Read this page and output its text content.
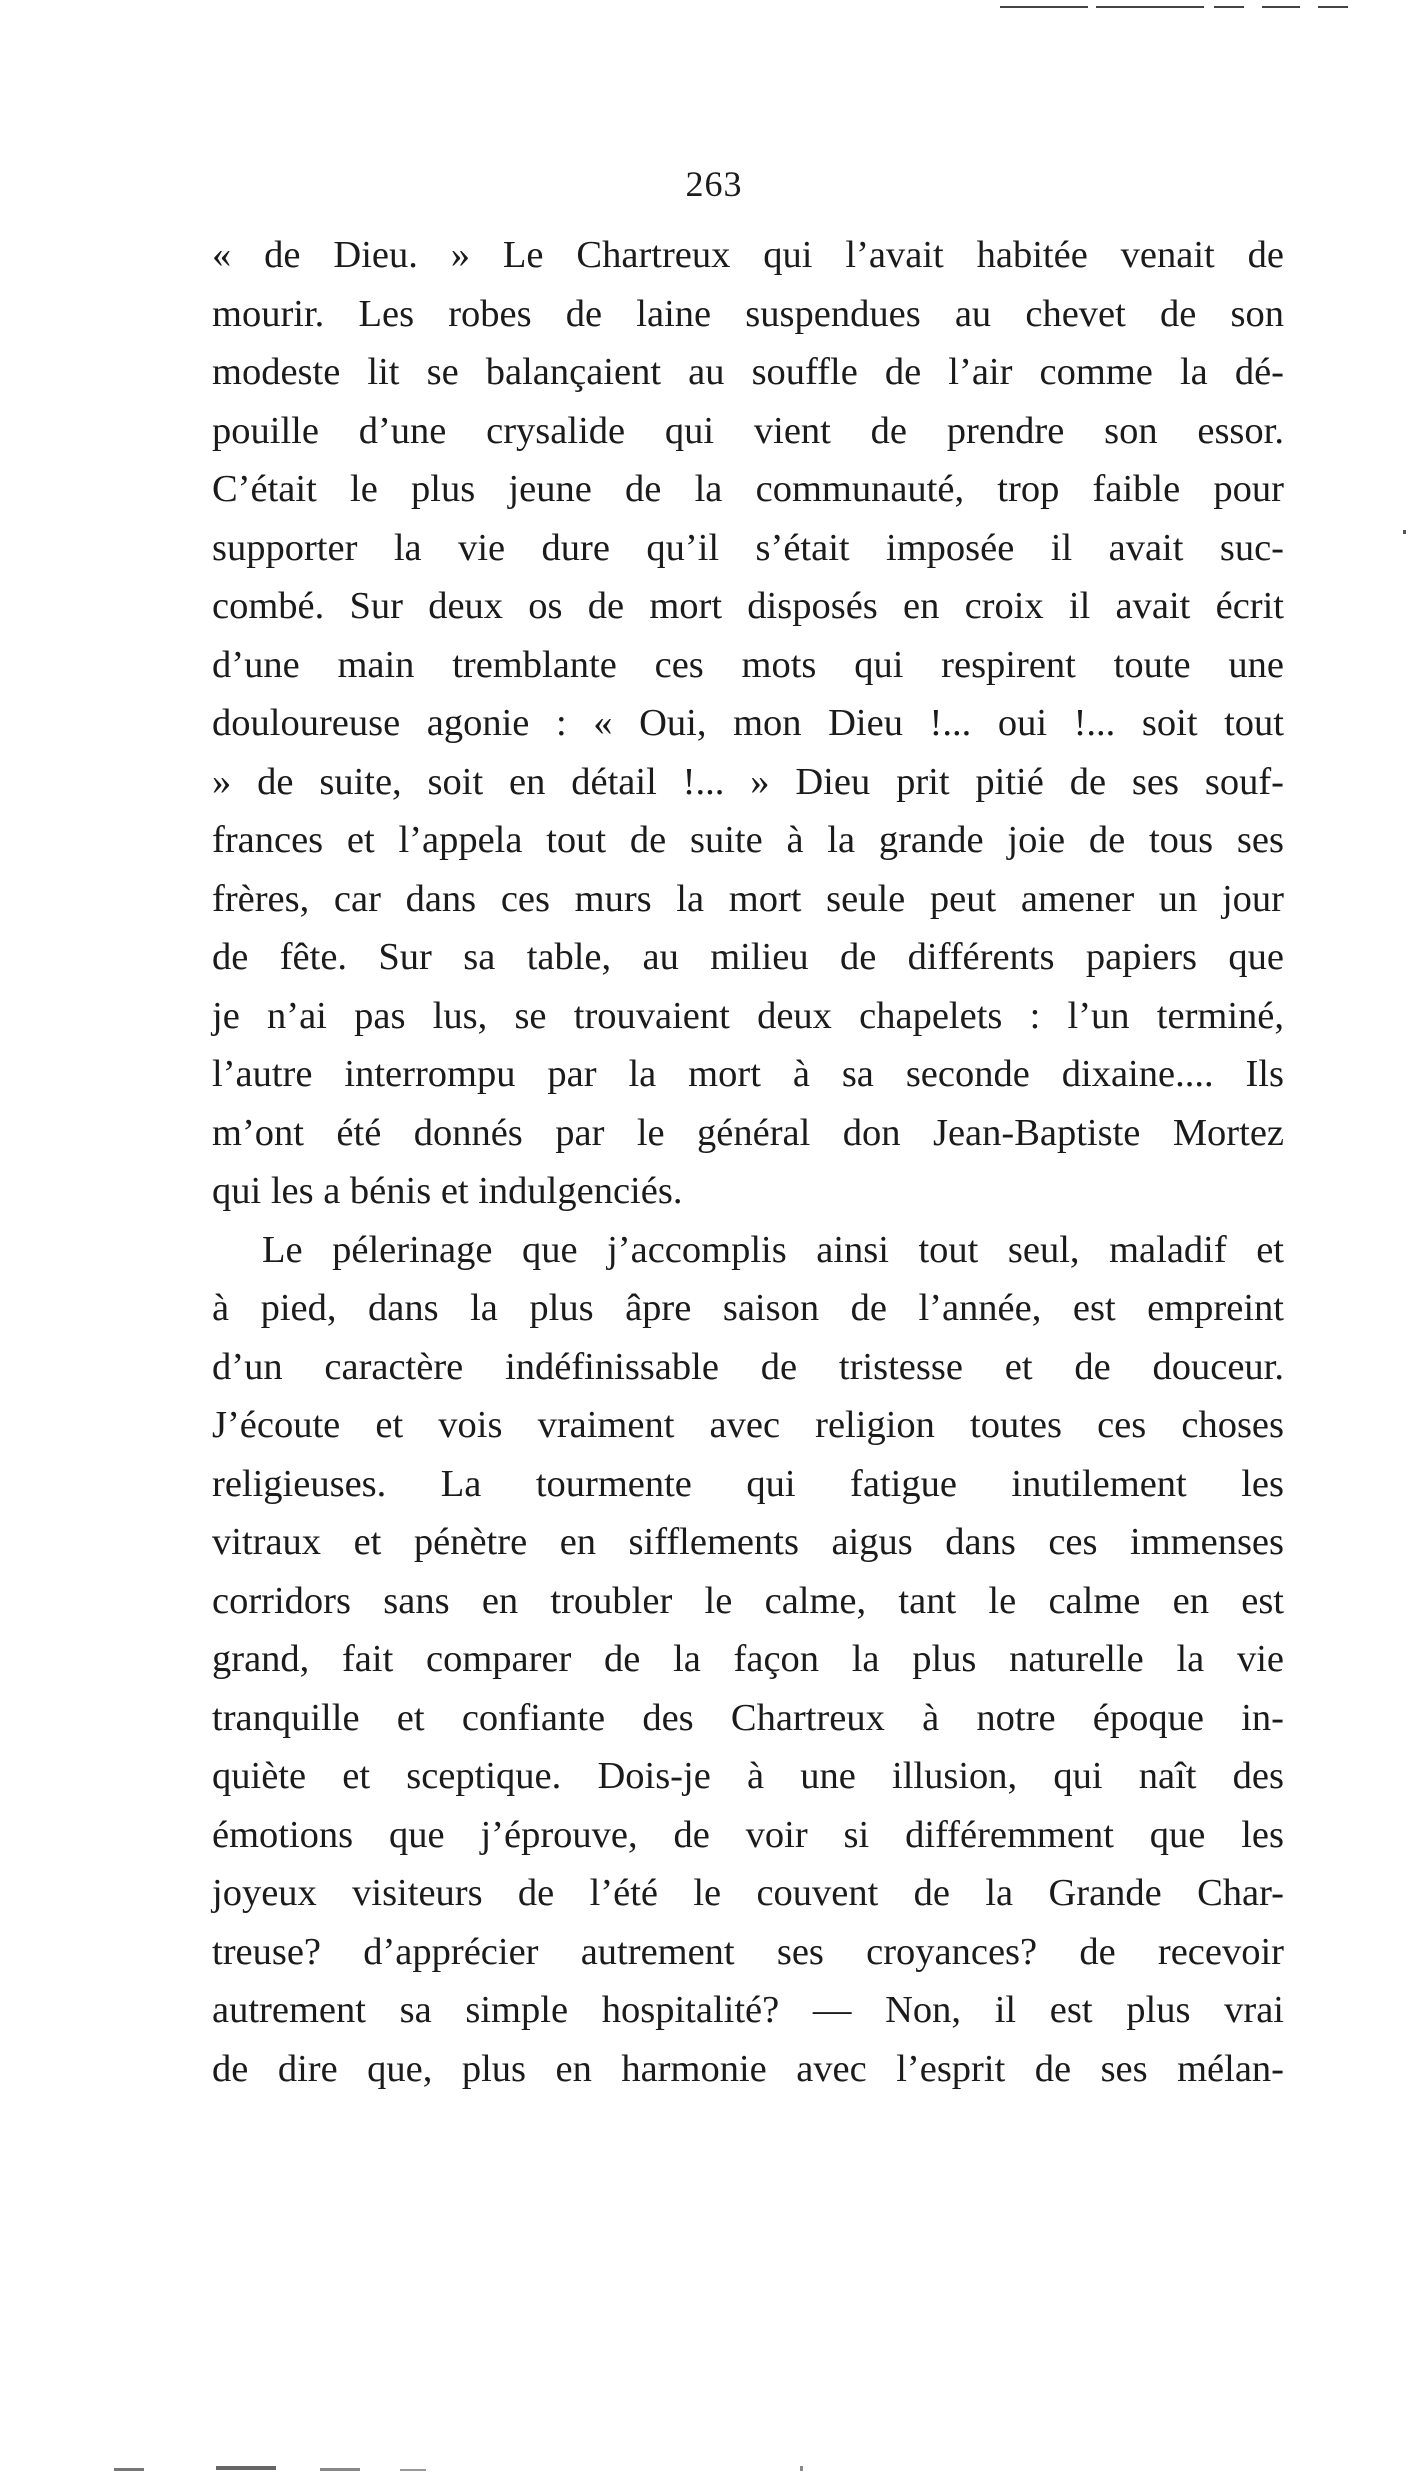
263
« de Dieu. » Le Chartreux qui l’avait habitée venait de
mourir. Les robes de laine suspendues au chevet de son
modeste lit se balançaient au souffle de l’air comme la dé-
pouille d’une crysalide qui vient de prendre son essor.
C’était le plus jeune de la communauté, trop faible pour
supporter la vie dure qu’il s’était imposée il avait suc-
combé. Sur deux os de mort disposés en croix il avait écrit
d’une main tremblante ces mots qui respirent toute une
douloureuse agonie : « Oui, mon Dieu !... oui !... soit tout
» de suite, soit en détail !... » Dieu prit pitié de ses souf-
frances et l’appela tout de suite à la grande joie de tous ses
frères, car dans ces murs la mort seule peut amener un jour
de fête. Sur sa table, au milieu de différents papiers que
je n’ai pas lus, se trouvaient deux chapelets : l’un terminé,
l’autre interrompu par la mort à sa seconde dixaine.... Ils
m’ont été donnés par le général don Jean-Baptiste Mortez
qui les a bénis et indulgenciés.
Le pélerinage que j’accomplis ainsi tout seul, maladif et
à pied, dans la plus âpre saison de l’année, est empreint
d’un caractère indéfinissable de tristesse et de douceur.
J’écoute et vois vraiment avec religion toutes ces choses
religieuses. La tourmente qui fatigue inutilement les
vitraux et pénètre en sifflements aigus dans ces immenses
corridors sans en troubler le calme, tant le calme en est
grand, fait comparer de la façon la plus naturelle la vie
tranquille et confiante des Chartreux à notre époque in-
quiète et sceptique. Dois-je à une illusion, qui naît des
émotions que j’éprouve, de voir si différemment que les
joyeux visiteurs de l’été le couvent de la Grande Char-
treuse? d’apprécier autrement ses croyances? de recevoir
autrement sa simple hospitalité? — Non, il est plus vrai
de dire que, plus en harmonie avec l’esprit de ses mélan-
